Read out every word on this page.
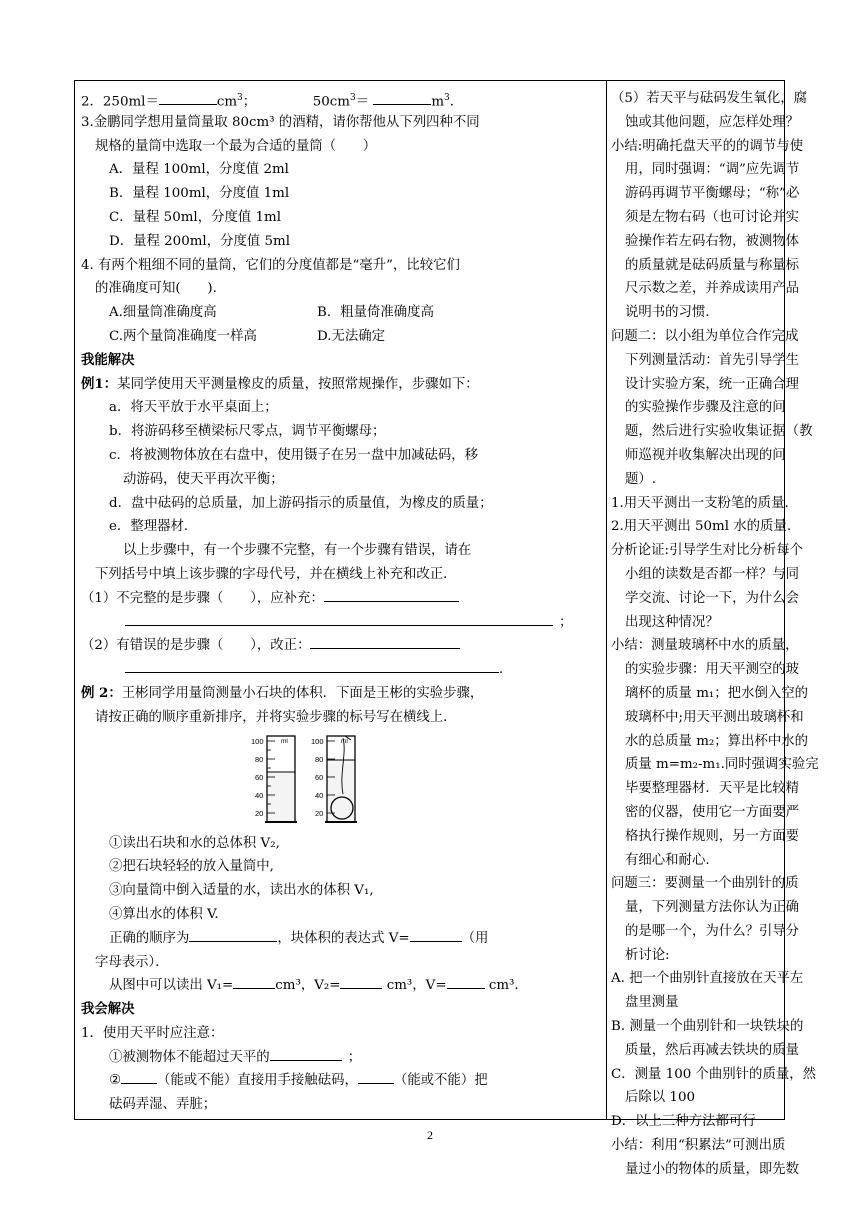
2．250ml＝	$cm^3$；	$50cm^3=$	$m^3$.
3.金鹏同学想用量筒量取 80cm³ 的酒精，请你帮他从下列四种不同
规格的量筒中选取一个最为合适的量筒（　　）
A．量程 100ml，分度值 2ml
B．量程 100ml，分度值 1ml
C．量程 50ml，分度值 1ml
D．量程 200ml，分度值 5ml
4. 有两个粗细不同的量筒，它们的分度值都是“毫升”，比较它们
的准确度可知(　　).
A.细量筒准确度高	B．粗量倚准确度高
C.两个量筒准确度一样高	D.无法确定
我能解决
例1：某同学使用天平测量橡皮的质量，按照常规操作，步骤如下：
a．将天平放于水平桌面上；
b．将游码移至横梁标尺零点，调节平衡螺母；
c．将被测物体放在右盘中，使用镊子在另一盘中加减砝码，移
动游码，使天平再次平衡；
d．盘中砝码的总质量，加上游码指示的质量值，为橡皮的质量；
e．整理器材．
以上步骤中，有一个步骤不完整，有一个步骤有错误，请在
下列括号中填上该步骤的字母代号，并在横线上补充和改正．
（1）不完整的是步骤（　　），应补充：
；
（2）有错误的是步骤（　　），改正：
．
例 2：王彬同学用量筒测量小石块的体积．下面是王彬的实验步骤，
请按正确的顺序重新排序，并将实验步骤的标号写在横线上．
100
80
60
40
20
ml	100
80
60
40
20
ml
①读出石块和水的总体积 V₂,
②把石块轻轻的放入量筒中,
③向量筒中倒入适量的水，读出水的体积 V₁,
④算出水的体积 V.
正确的顺序为	，块体积的表达式 V=	（用
字母表示）．
从图中可以读出 V₁=	cm³，V₂=	cm³，V=	cm³．
我会解决
1．使用天平时应注意：
①被测物体不能超过天平的	；
②	（能或不能）直接用手接触砝码，	（能或不能）把
砝码弄湿、弄脏；
（5）若天平与砝码发生氧化，腐
蚀或其他问题，应怎样处理？
小结:明确托盘天平的的调节与使
用，同时强调：“调”应先调节
游码再调节平衡螺母；“称”必
须是左物右码（也可讨论并实
验操作若左码右物，被测物体
的质量就是砝码质量与称量标
尺示数之差，并养成读用产品
说明书的习惯．
问题二：以小组为单位合作完成
下列测量活动：首先引导学生
设计实验方案，统一正确合理
的实验操作步骤及注意的问
题，然后进行实验收集证据（教
师巡视并收集解决出现的问
题）.
1.用天平测出一支粉笔的质量.
2.用天平测出 50ml 水的质量.
分析论证:引导学生对比分析每个
小组的读数是否都一样？与同
学交流、讨论一下，为什么会
出现这种情况？
小结：测量玻璃杯中水的质量，
的实验步骤：用天平测空的玻
璃杯的质量 m₁；把水倒入空的
玻璃杯中;用天平测出玻璃杯和
水的总质量 m₂；算出杯中水的
质量 m=m₂-m₁.同时强调实验完
毕要整理器材．天平是比较精
密的仪器，使用它一方面要严
格执行操作规则，另一方面要
有细心和耐心.
问题三：要测量一个曲别针的质
量，下列测量方法你认为正确
的是哪一个，为什么？引导分
析讨论:
A. 把一个曲别针直接放在天平左
盘里测量
B. 测量一个曲别针和一块铁块的
质量，然后再减去铁块的质量
C．测量 100 个曲别针的质量，然
后除以 100
D．以上三种方法都可行
小结：利用“积累法”可测出质
量过小的物体的质量，即先数
2
